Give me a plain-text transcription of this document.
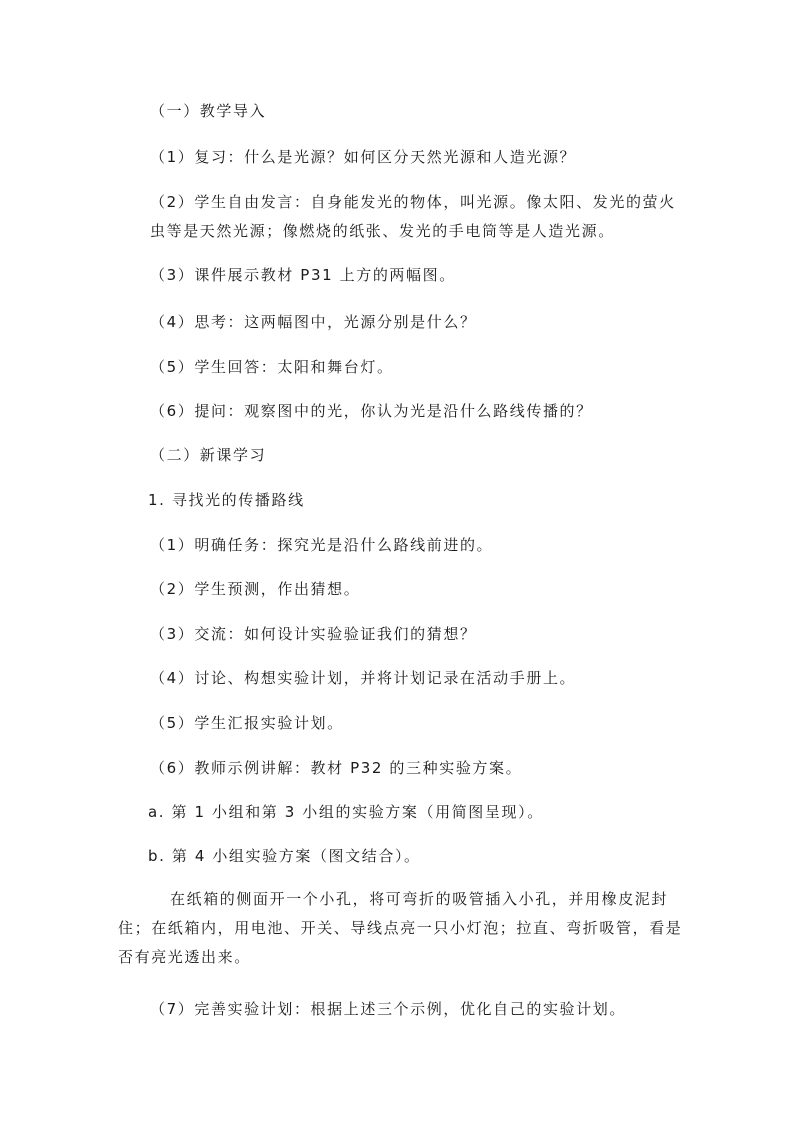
（一）教学导入

（1）复习：什么是光源？如何区分天然光源和人造光源？

（2）学生自由发言：自身能发光的物体，叫光源。像太阳、发光的萤火虫等是天然光源；像燃烧的纸张、发光的手电筒等是人造光源。

（3）课件展示教材 P31 上方的两幅图。

（4）思考：这两幅图中，光源分别是什么？

（5）学生回答：太阳和舞台灯。

（6）提问：观察图中的光，你认为光是沿什么路线传播的？

（二）新课学习

1. 寻找光的传播路线

（1）明确任务：探究光是沿什么路线前进的。

（2）学生预测，作出猜想。

（3）交流：如何设计实验验证我们的猜想？

（4）讨论、构想实验计划，并将计划记录在活动手册上。

（5）学生汇报实验计划。

（6）教师示例讲解：教材 P32 的三种实验方案。

a. 第 1 小组和第 3 小组的实验方案（用简图呈现）。

b. 第 4 小组实验方案（图文结合）。

在纸箱的侧面开一个小孔，将可弯折的吸管插入小孔，并用橡皮泥封住；在纸箱内，用电池、开关、导线点亮一只小灯泡；拉直、弯折吸管，看是否有亮光透出来。

（7）完善实验计划：根据上述三个示例，优化自己的实验计划。
